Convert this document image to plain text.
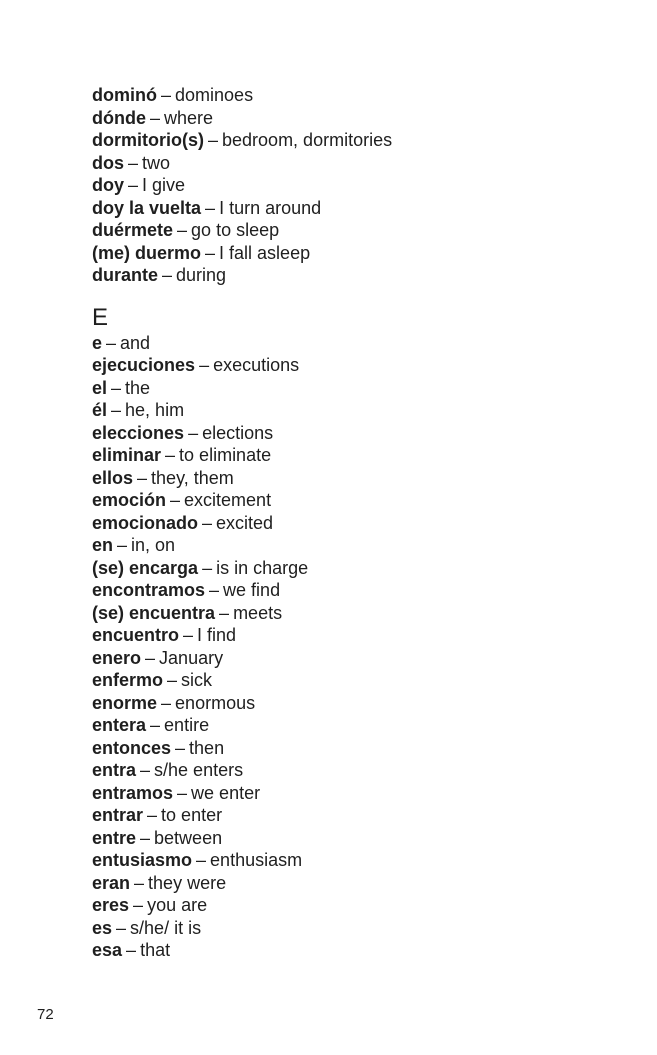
dominó – dominoes
dónde – where
dormitorio(s) – bedroom, dormitories
dos – two
doy – I give
doy la vuelta – I turn around
duérmete – go to sleep
(me) duermo – I fall asleep
durante – during
E
e – and
ejecuciones – executions
el – the
él – he, him
elecciones – elections
eliminar – to eliminate
ellos – they, them
emoción – excitement
emocionado – excited
en – in, on
(se) encarga – is in charge
encontramos – we find
(se) encuentra – meets
encuentro – I find
enero – January
enfermo – sick
enorme – enormous
entera – entire
entonces – then
entra – s/he enters
entramos – we enter
entrar – to enter
entre – between
entusiasmo – enthusiasm
eran – they were
eres – you are
es – s/he/ it is
esa – that
72
